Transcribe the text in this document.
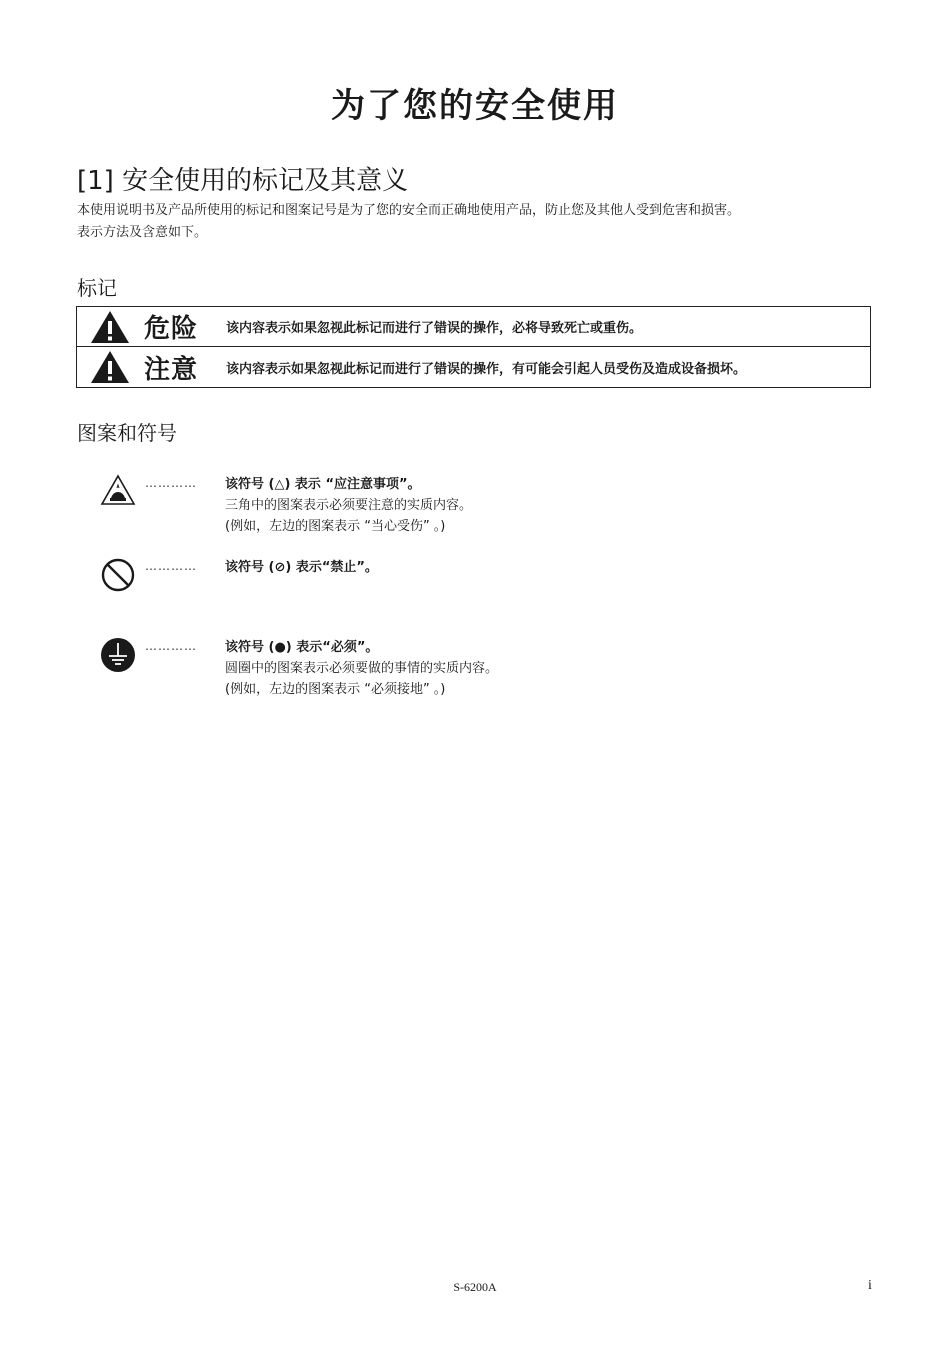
为了您的安全使用
[1] 安全使用的标记及其意义
本使用说明书及产品所使用的标记和图案记号是为了您的安全而正确地使用产品，防止您及其他人受到危害和损害。
表示方法及含意如下。
标记
危险	该内容表示如果忽视此标记而进行了错误的操作，必将导致死亡或重伤。
注意	该内容表示如果忽视此标记而进行了错误的操作，有可能会引起人员受伤及造成设备损坏。
图案和符号
………… 该符号 (△) 表示 “应注意事项”。
三角中的图案表示必须要注意的实质内容。
(例如，左边的图案表示 “当心受伤” 。)
………… 该符号 (⊘) 表示“禁止”。
………… 该符号 (●) 表示“必须”。
圆圈中的图案表示必须要做的事情的实质内容。
(例如，左边的图案表示 “必须接地” 。)
S-6200A	i
